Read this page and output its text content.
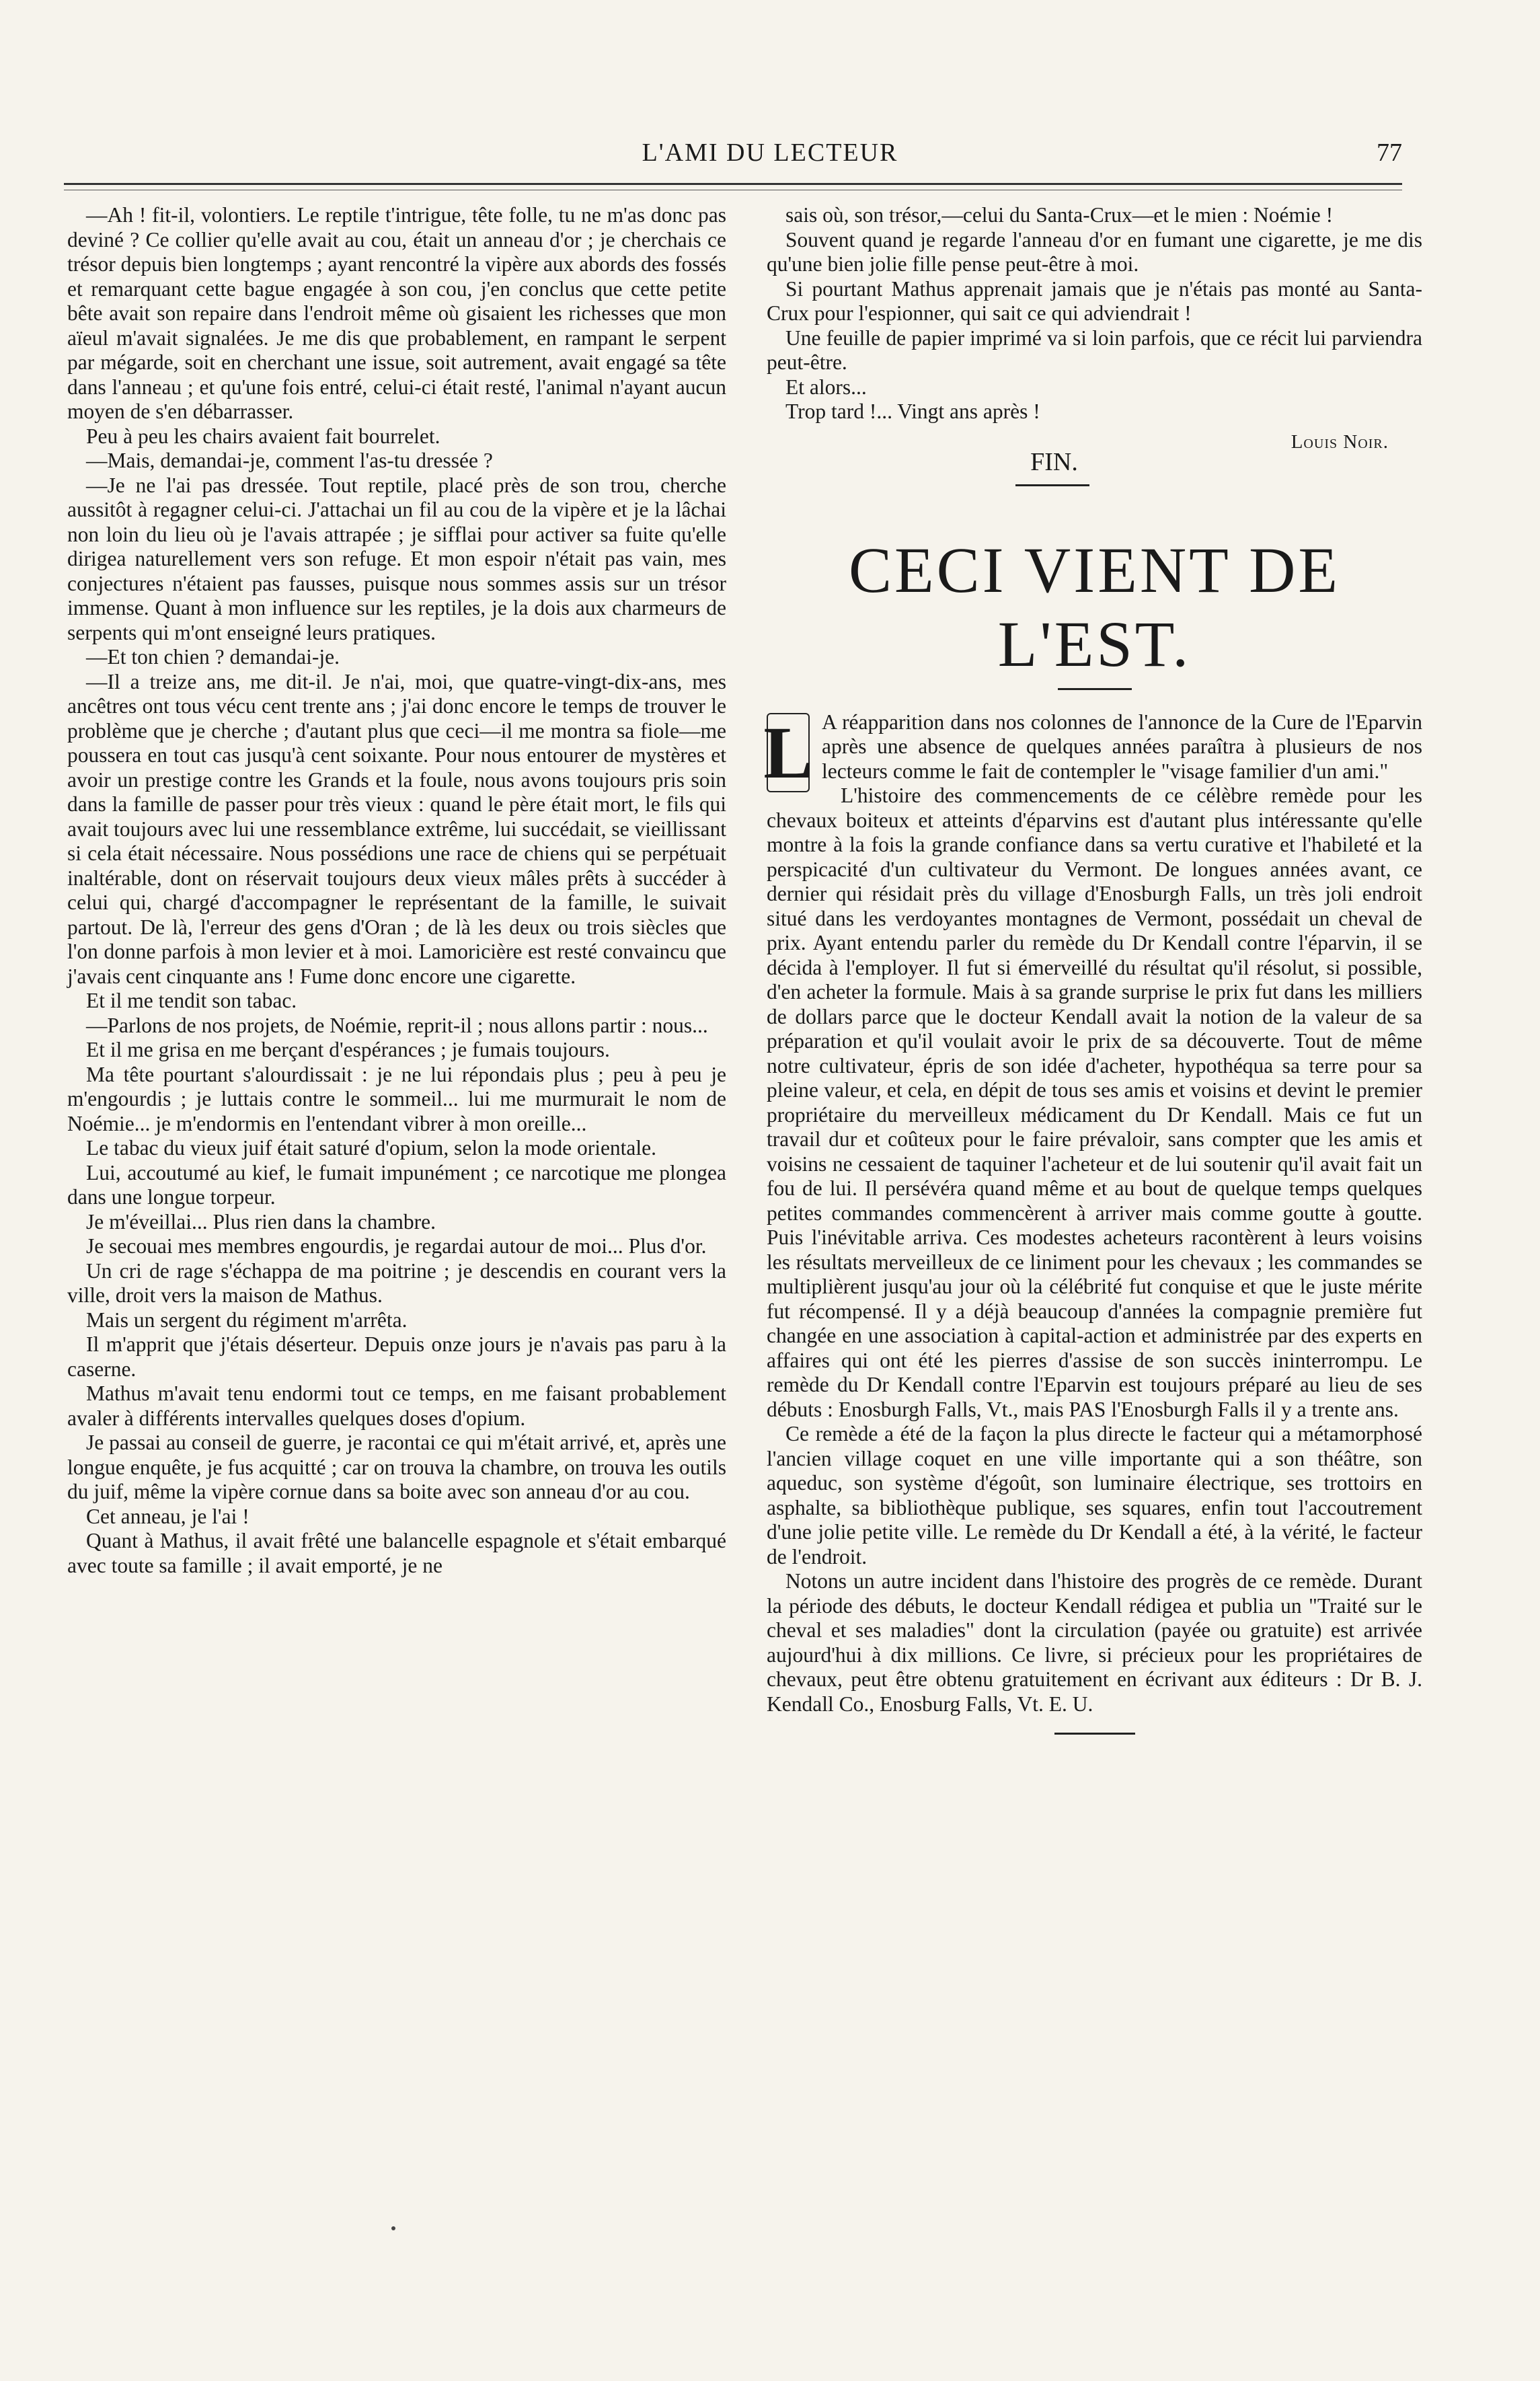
L'AMI DU LECTEUR	77

—Ah ! fit-il, volontiers. Le reptile t'intrigue, tête folle, tu ne m'as donc pas deviné ? Ce collier qu'elle avait au cou, était un anneau d'or ; je cherchais ce trésor depuis bien longtemps ; ayant rencontré la vipère aux abords des fossés et remarquant cette bague engagée à son cou, j'en conclus que cette petite bête avait son repaire dans l'endroit même où gisaient les richesses que mon aïeul m'avait signalées. Je me dis que probablement, en rampant le serpent par mégarde, soit en cherchant une issue, soit autrement, avait engagé sa tête dans l'anneau ; et qu'une fois entré, celui-ci était resté, l'animal n'ayant aucun moyen de s'en débarrasser.

Peu à peu les chairs avaient fait bourrelet.

—Mais, demandai-je, comment l'as-tu dressée ?

—Je ne l'ai pas dressée. Tout reptile, placé près de son trou, cherche aussitôt à regagner celui-ci. J'attachai un fil au cou de la vipère et je la lâchai non loin du lieu où je l'avais attrapée ; je sifflai pour activer sa fuite qu'elle dirigea naturellement vers son refuge. Et mon espoir n'était pas vain, mes conjectures n'étaient pas fausses, puisque nous sommes assis sur un trésor immense. Quant à mon influence sur les reptiles, je la dois aux charmeurs de serpents qui m'ont enseigné leurs pratiques.

—Et ton chien ? demandai-je.

—Il a treize ans, me dit-il. Je n'ai, moi, que quatre-vingt-dix-ans, mes ancêtres ont tous vécu cent trente ans ; j'ai donc encore le temps de trouver le problème que je cherche ; d'autant plus que ceci—il me montra sa fiole—me poussera en tout cas jusqu'à cent soixante. Pour nous entourer de mystères et avoir un prestige contre les Grands et la foule, nous avons toujours pris soin dans la famille de passer pour très vieux : quand le père était mort, le fils qui avait toujours avec lui une ressemblance extrême, lui succédait, se vieillissant si cela était nécessaire. Nous possédions une race de chiens qui se perpétuait inaltérable, dont on réservait toujours deux vieux mâles prêts à succéder à celui qui, chargé d'accompagner le représentant de la famille, le suivait partout. De là, l'erreur des gens d'Oran ; de là les deux ou trois siècles que l'on donne parfois à mon levier et à moi. Lamoricière est resté convaincu que j'avais cent cinquante ans ! Fume donc encore une cigarette.

Et il me tendit son tabac.

—Parlons de nos projets, de Noémie, reprit-il ; nous allons partir : nous...

Et il me grisa en me berçant d'espérances ; je fumais toujours.

Ma tête pourtant s'alourdissait : je ne lui répondais plus ; peu à peu je m'engourdis ; je luttais contre le sommeil... lui me murmurait le nom de Noémie... je m'endormis en l'entendant vibrer à mon oreille...

Le tabac du vieux juif était saturé d'opium, selon la mode orientale.

Lui, accoutumé au kief, le fumait impunément ; ce narcotique me plongea dans une longue torpeur.

Je m'éveillai... Plus rien dans la chambre.

Je secouai mes membres engourdis, je regardai autour de moi... Plus d'or.

Un cri de rage s'échappa de ma poitrine ; je descendis en courant vers la ville, droit vers la maison de Mathus.

Mais un sergent du régiment m'arrêta.

Il m'apprit que j'étais déserteur. Depuis onze jours je n'avais pas paru à la caserne.

Mathus m'avait tenu endormi tout ce temps, en me faisant probablement avaler à différents intervalles quelques doses d'opium.

Je passai au conseil de guerre, je racontai ce qui m'était arrivé, et, après une longue enquête, je fus acquitté ; car on trouva la chambre, on trouva les outils du juif, même la vipère cornue dans sa boite avec son anneau d'or au cou.

Cet anneau, je l'ai !

Quant à Mathus, il avait frêté une balancelle espagnole et s'était embarqué avec toute sa famille ; il avait emporté, je ne

sais où, son trésor,—celui du Santa-Crux—et le mien : Noémie !

Souvent quand je regarde l'anneau d'or en fumant une cigarette, je me dis qu'une bien jolie fille pense peut-être à moi.

Si pourtant Mathus apprenait jamais que je n'étais pas monté au Santa-Crux pour l'espionner, qui sait ce qui adviendrait !

Une feuille de papier imprimé va si loin parfois, que ce récit lui parviendra peut-être.

Et alors...

Trop tard !... Vingt ans après !

Louis Noir.
FIN.
CECI VIENT DE L'EST.

L A réapparition dans nos colonnes de l'annonce de la Cure de l'Eparvin après une absence de quelques années paraîtra à plusieurs de nos lecteurs comme le fait de contempler le "visage familier d'un ami."

L'histoire des commencements de ce célèbre remède pour les chevaux boiteux et atteints d'éparvins est d'autant plus intéressante qu'elle montre à la fois la grande confiance dans sa vertu curative et l'habileté et la perspicacité d'un cultivateur du Vermont. De longues années avant, ce dernier qui résidait près du village d'Enosburgh Falls, un très joli endroit situé dans les verdoyantes montagnes de Vermont, possédait un cheval de prix. Ayant entendu parler du remède du Dr Kendall contre l'éparvin, il se décida à l'employer. Il fut si émerveillé du résultat qu'il résolut, si possible, d'en acheter la formule. Mais à sa grande surprise le prix fut dans les milliers de dollars parce que le docteur Kendall avait la notion de la valeur de sa préparation et qu'il voulait avoir le prix de sa découverte. Tout de même notre cultivateur, épris de son idée d'acheter, hypothéqua sa terre pour sa pleine valeur, et cela, en dépit de tous ses amis et voisins et devint le premier propriétaire du merveilleux médicament du Dr Kendall. Mais ce fut un travail dur et coûteux pour le faire prévaloir, sans compter que les amis et voisins ne cessaient de taquiner l'acheteur et de lui soutenir qu'il avait fait un fou de lui. Il persévéra quand même et au bout de quelque temps quelques petites commandes commencèrent à arriver mais comme goutte à goutte. Puis l'inévitable arriva. Ces modestes acheteurs racontèrent à leurs voisins les résultats merveilleux de ce liniment pour les chevaux ; les commandes se multiplièrent jusqu'au jour où la célébrité fut conquise et que le juste mérite fut récompensé. Il y a déjà beaucoup d'années la compagnie première fut changée en une association à capital-action et administrée par des experts en affaires qui ont été les pierres d'assise de son succès ininterrompu. Le remède du Dr Kendall contre l'Eparvin est toujours préparé au lieu de ses débuts : Enosburgh Falls, Vt., mais PAS l'Enosburgh Falls il y a trente ans.

Ce remède a été de la façon la plus directe le facteur qui a métamorphosé l'ancien village coquet en une ville importante qui a son théâtre, son aqueduc, son système d'égoût, son luminaire électrique, ses trottoirs en asphalte, sa bibliothèque publique, ses squares, enfin tout l'accoutrement d'une jolie petite ville. Le remède du Dr Kendall a été, à la vérité, le facteur de l'endroit.

Notons un autre incident dans l'histoire des progrès de ce remède. Durant la période des débuts, le docteur Kendall rédigea et publia un "Traité sur le cheval et ses maladies" dont la circulation (payée ou gratuite) est arrivée aujourd'hui à dix millions. Ce livre, si précieux pour les propriétaires de chevaux, peut être obtenu gratuitement en écrivant aux éditeurs : Dr B. J. Kendall Co., Enosburg Falls, Vt. E. U.
